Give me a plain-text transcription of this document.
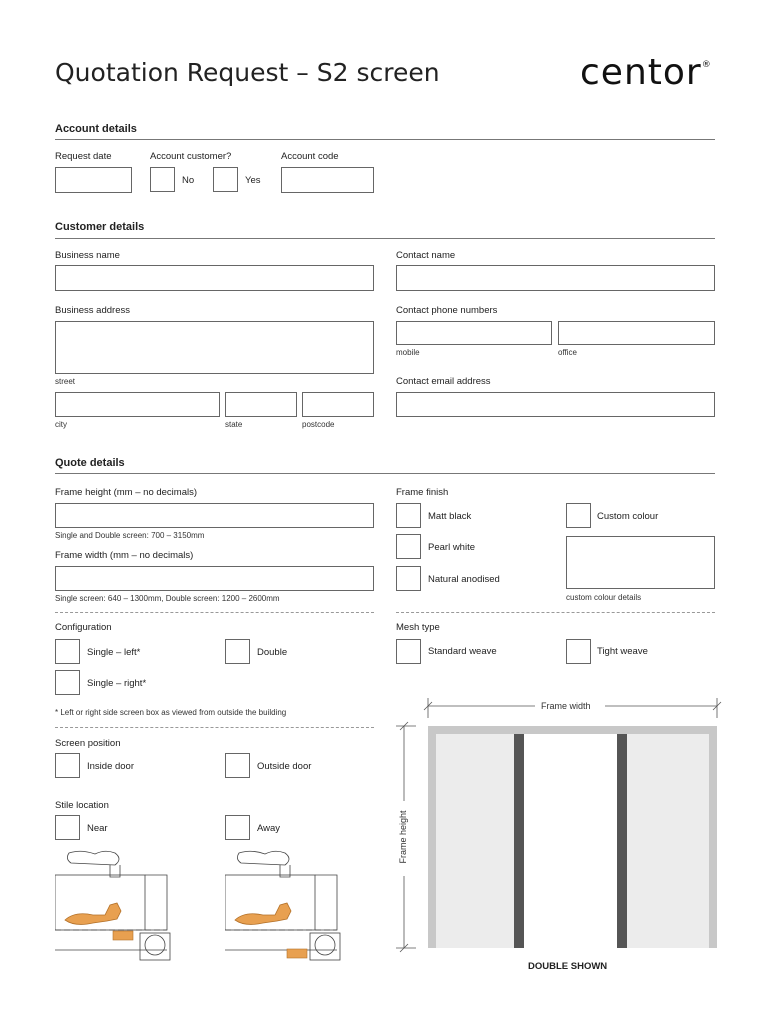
Quotation Request – S2 screen	centor®
Account details
Request date	Account customer?
No	Yes
Account code
Customer details
Business name	Contact name
Business address
street
Contact phone numbers
mobile	office
Contact email address
city	state	postcode
Quote details
Frame height (mm – no decimals)
Single and Double screen: 700 – 3150mm
Frame width (mm – no decimals)
Single screen: 640 – 1300mm, Double screen: 1200 – 2600mm
Frame finish
Matt black	Custom colour
Pearl white
Natural anodised
custom colour details
Configuration
Single – left*	Double
Single – right*
* Left or right side screen box as viewed from outside the building
Mesh type
Standard weave	Tight weave
Screen position
Inside door	Outside door
Stile location
Near	Away
Frame width
Frame height
DOUBLE SHOWN
